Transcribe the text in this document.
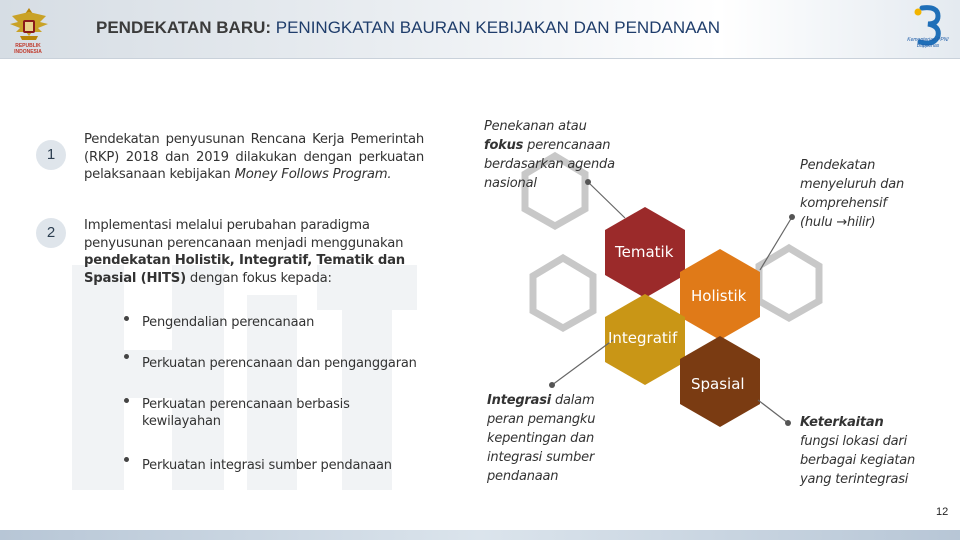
REPUBLIK INDONESIA
PENDEKATAN BARU: PENINGKATAN BAURAN KEBIJAKAN DAN PENDANAAN
Kementerian PPN/ Bappenas
1
Pendekatan penyusunan Rencana Kerja Pemerintah (RKP) 2018 dan 2019 dilakukan dengan perkuatan pelaksanaan kebijakan Money Follows Program.
2	Implementasi melalui perubahan paradigma penyusunan perencanaan menjadi menggunakan pendekatan Holistik, Integratif, Tematik dan Spasial (HITS) dengan fokus kepada:
Pengendalian perencanaan
Perkuatan perencanaan dan penganggaran
Perkuatan perencanaan berbasis kewilayahan
Perkuatan integrasi sumber pendanaan
Tematik
Holistik
Integratif
Spasial
Penekanan atau fokus perencanaan berdasarkan agenda nasional
Pendekatan menyeluruh dan komprehensif (hulu →hilir)
Integrasi dalam peran pemangku kepentingan dan integrasi sumber pendanaan
Keterkaitan fungsi lokasi dari berbagai kegiatan yang terintegrasi
12
